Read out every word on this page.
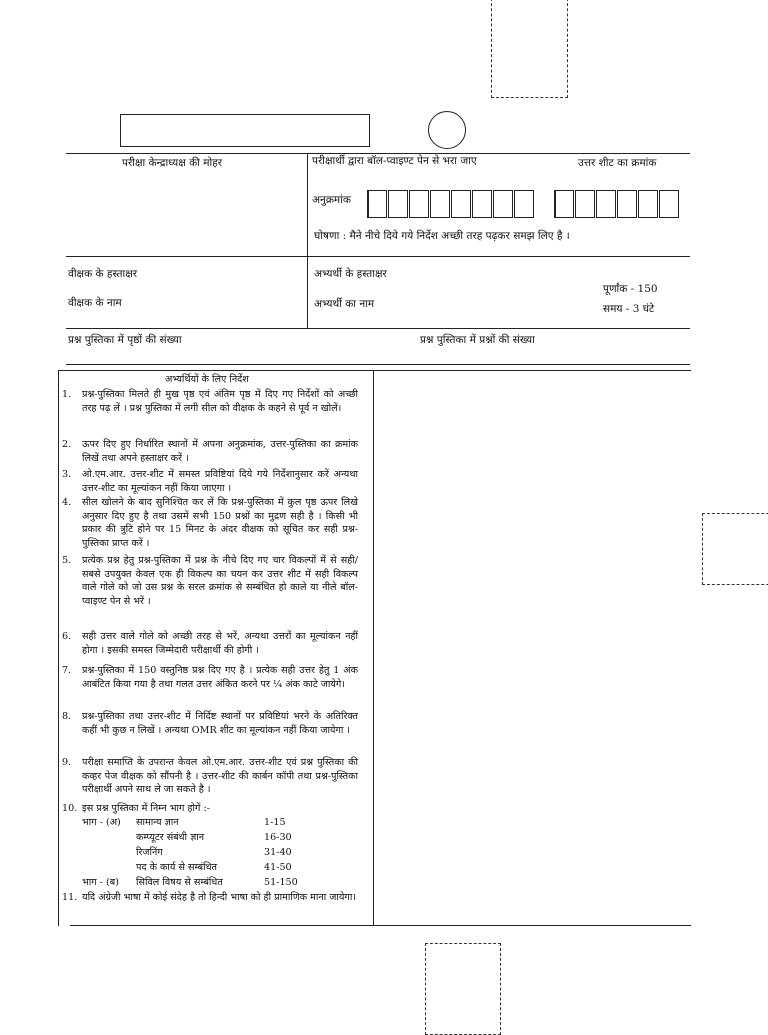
परीक्षा केन्द्राध्यक्ष की मोहर	परीक्षार्थी द्वारा बॉल-प्वाइण्ट पेन से भरा जाए	उत्तर शीट का क्रमांक
अनुक्रमांक
घोषणा : मैने नीचे दिये गये निर्देश अच्छी तरह पढ़कर समझ लिए है ।
वीक्षक के हस्ताक्षर
वीक्षक के नाम
अभ्यर्थी के हस्ताक्षर
अभ्यर्थी का नाम
पूर्णांक - 150
समय - 3 घंटे
प्रश्न पुस्तिका में पृष्ठों की संख्या	प्रश्न पुस्तिका में प्रश्नों की संख्या
अभ्यर्थियों के लिए निर्देश
1.	प्रश्न-पुस्तिका मिलते ही मुख पृष्ठ एवं अंतिम पृष्ठ में दिए गए निर्देशों को अच्छी तरह पढ़ लें । प्रश्न पुस्तिका में लगी सील को वीक्षक के कहने से पूर्व न खोलें।
2.	ऊपर दिए हुए निर्धारित स्थानों में अपना अनुक्रमांक, उत्तर-पुस्तिका का क्रमांक लिखें तथा अपने हस्ताक्षर करें ।
3.	ओ.एम.आर. उत्तर-शीट में समस्त प्रविष्टियां दिये गये निर्देशानुसार करें अन्यथा उत्तर-शीट का मूल्यांकन नहीं किया जाएगा ।
4.	सील खोलने के बाद सुनिश्चित कर लें कि प्रश्न-पुस्तिका में कुल पृष्ठ ऊपर लिखे अनुसार दिए हुए है तथा उसमें सभी 150 प्रश्नों का मुद्रण सही है । किसी भी प्रकार की त्रुटि होने पर 15 मिनट के अंदर वीक्षक को सूचित कर सही प्रश्न-पुस्तिका प्राप्त करें ।
5.	प्रत्येक प्रश्न हेतु प्रश्न-पुस्तिका में प्रश्न के नीचे दिए गए चार विकल्पों में से सही/सबसे उपयुक्त केवल एक ही विकल्प का चयन कर उत्तर शीट में सही विकल्प वाले गोले को जो उस प्रश्न के सरल क्रमांक से सम्बंधित हो काले या नीले बॉल-प्वाइण्ट पेन से भरें ।
6.	सही उत्तर वाले गोले को अच्छी तरह से भरें, अन्यथा उत्तरों का मूल्यांकन नहीं होगा । इसकी समस्त जिम्मेदारी परीक्षार्थी की होगी ।
7.	प्रश्न-पुस्तिका में 150 वस्तुनिष्ठ प्रश्न दिए गए है । प्रत्येक सही उत्तर हेतु 1 अंक आबंटित किया गया है तथा गलत उत्तर अंकित करने पर ¼ अंक काटे जायेगे।
8.	प्रश्न-पुस्तिका तथा उत्तर-शीट में निर्दिष्ट स्थानों पर प्रविष्टियां भरने के अतिरिक्त कहीं भी कुछ न लिखें । अन्यथा OMR शीट का मूल्यांकन नहीं किया जायेगा ।
9.	परीक्षा समाप्ति के उपरान्त केवल ओ.एम.आर. उत्तर-शीट एवं प्रश्न पुस्तिका की कव्हर पेज वीक्षक को सौंपनी है । उत्तर-शीट की कार्बन कॉपी तथा प्रश्न-पुस्तिका परीक्षार्थी अपने साथ ले जा सकते है ।
10. इस प्रश्न पुस्तिका में निम्न भाग होगें :-
भाग - (अ) सामान्य ज्ञान	1-15
कम्प्यूटर संबंधी ज्ञान	16-30
रिजनिंग	31-40
पद के कार्य से सम्बंधित	41-50
भाग - (ब) सिविल विषय से सम्बंधित	51-150
11. यदि अंग्रेजी भाषा में कोई संदेह है तो हिन्दी भाषा को ही प्रामाणिक माना जायेगा।
